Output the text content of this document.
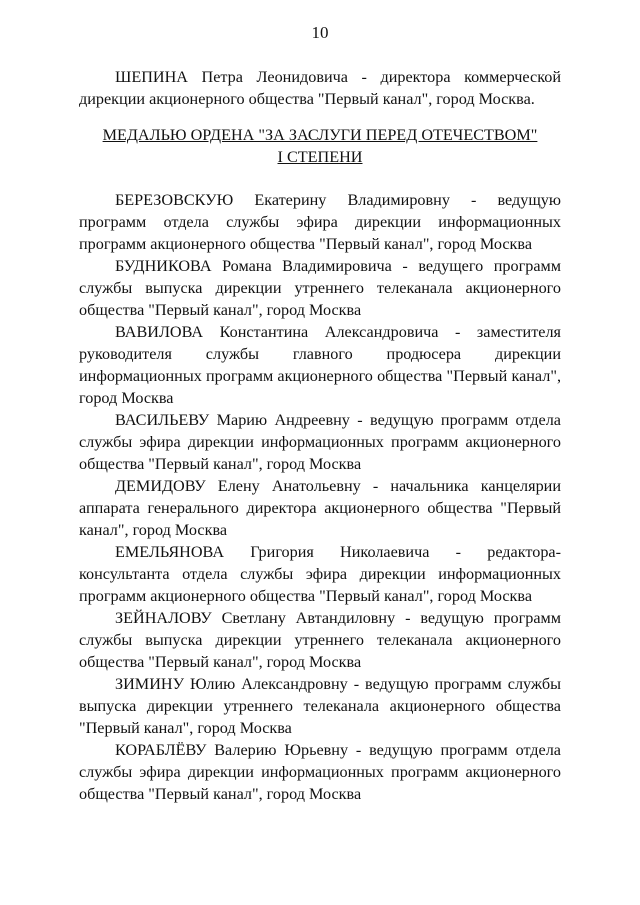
10

ШЕПИНА Петра Леонидовича - директора коммерческой дирекции акционерного общества "Первый канал", город Москва.

МЕДАЛЬЮ ОРДЕНА "ЗА ЗАСЛУГИ ПЕРЕД ОТЕЧЕСТВОМ"
I СТЕПЕНИ

БЕРЕЗОВСКУЮ Екатерину Владимировну - ведущую программ отдела службы эфира дирекции информационных программ акционерного общества "Первый канал", город Москва

БУДНИКОВА Романа Владимировича - ведущего программ службы выпуска дирекции утреннего телеканала акционерного общества "Первый канал", город Москва

ВАВИЛОВА Константина Александровича - заместителя руководителя службы главного продюсера дирекции информационных программ акционерного общества "Первый канал", город Москва

ВАСИЛЬЕВУ Марию Андреевну - ведущую программ отдела службы эфира дирекции информационных программ акционерного общества "Первый канал", город Москва

ДЕМИДОВУ Елену Анатольевну - начальника канцелярии аппарата генерального директора акционерного общества "Первый канал", город Москва

ЕМЕЛЬЯНОВА Григория Николаевича - редактора-консультанта отдела службы эфира дирекции информационных программ акционерного общества "Первый канал", город Москва

ЗЕЙНАЛОВУ Светлану Автандиловну - ведущую программ службы выпуска дирекции утреннего телеканала акционерного общества "Первый канал", город Москва

ЗИМИНУ Юлию Александровну - ведущую программ службы выпуска дирекции утреннего телеканала акционерного общества "Первый канал", город Москва

КОРАБЛЁВУ Валерию Юрьевну - ведущую программ отдела службы эфира дирекции информационных программ акционерного общества "Первый канал", город Москва
